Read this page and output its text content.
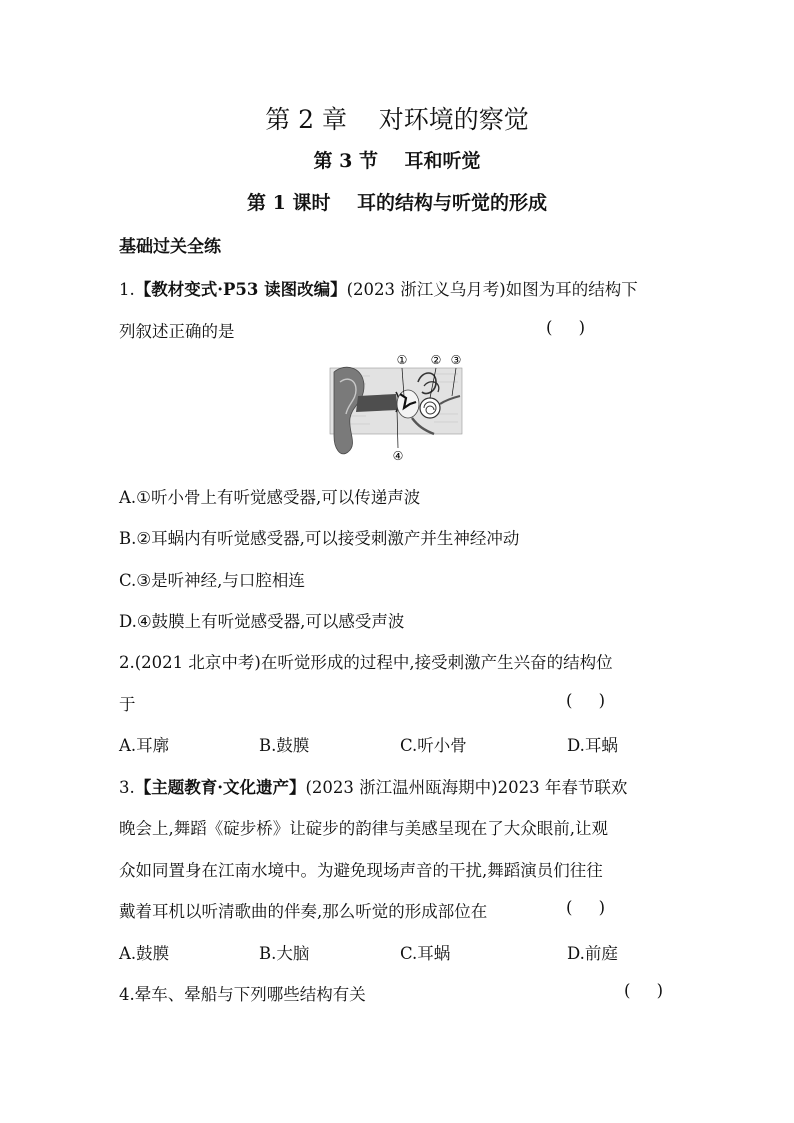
第 2 章    对环境的察觉
第 3 节    耳和听觉
第 1 课时    耳的结构与听觉的形成
基础过关全练
1.【教材变式·P53 读图改编】(2023 浙江义乌月考)如图为耳的结构下
列叙述正确的是	(     )
① ② ③
④
A.①听小骨上有听觉感受器,可以传递声波
B.②耳蜗内有听觉感受器,可以接受刺激产并生神经冲动
C.③是听神经,与口腔相连
D.④鼓膜上有听觉感受器,可以感受声波
2.(2021 北京中考)在听觉形成的过程中,接受刺激产生兴奋的结构位
于	(     )
A.耳廓	B.鼓膜	C.听小骨	D.耳蜗
3.【主题教育·文化遗产】(2023 浙江温州瓯海期中)2023 年春节联欢
晚会上,舞蹈《碇步桥》让碇步的韵律与美感呈现在了大众眼前,让观
众如同置身在江南水境中。为避免现场声音的干扰,舞蹈演员们往往
戴着耳机以听清歌曲的伴奏,那么听觉的形成部位在	(     )
A.鼓膜	B.大脑	C.耳蜗	D.前庭
4.晕车、晕船与下列哪些结构有关	(     )
